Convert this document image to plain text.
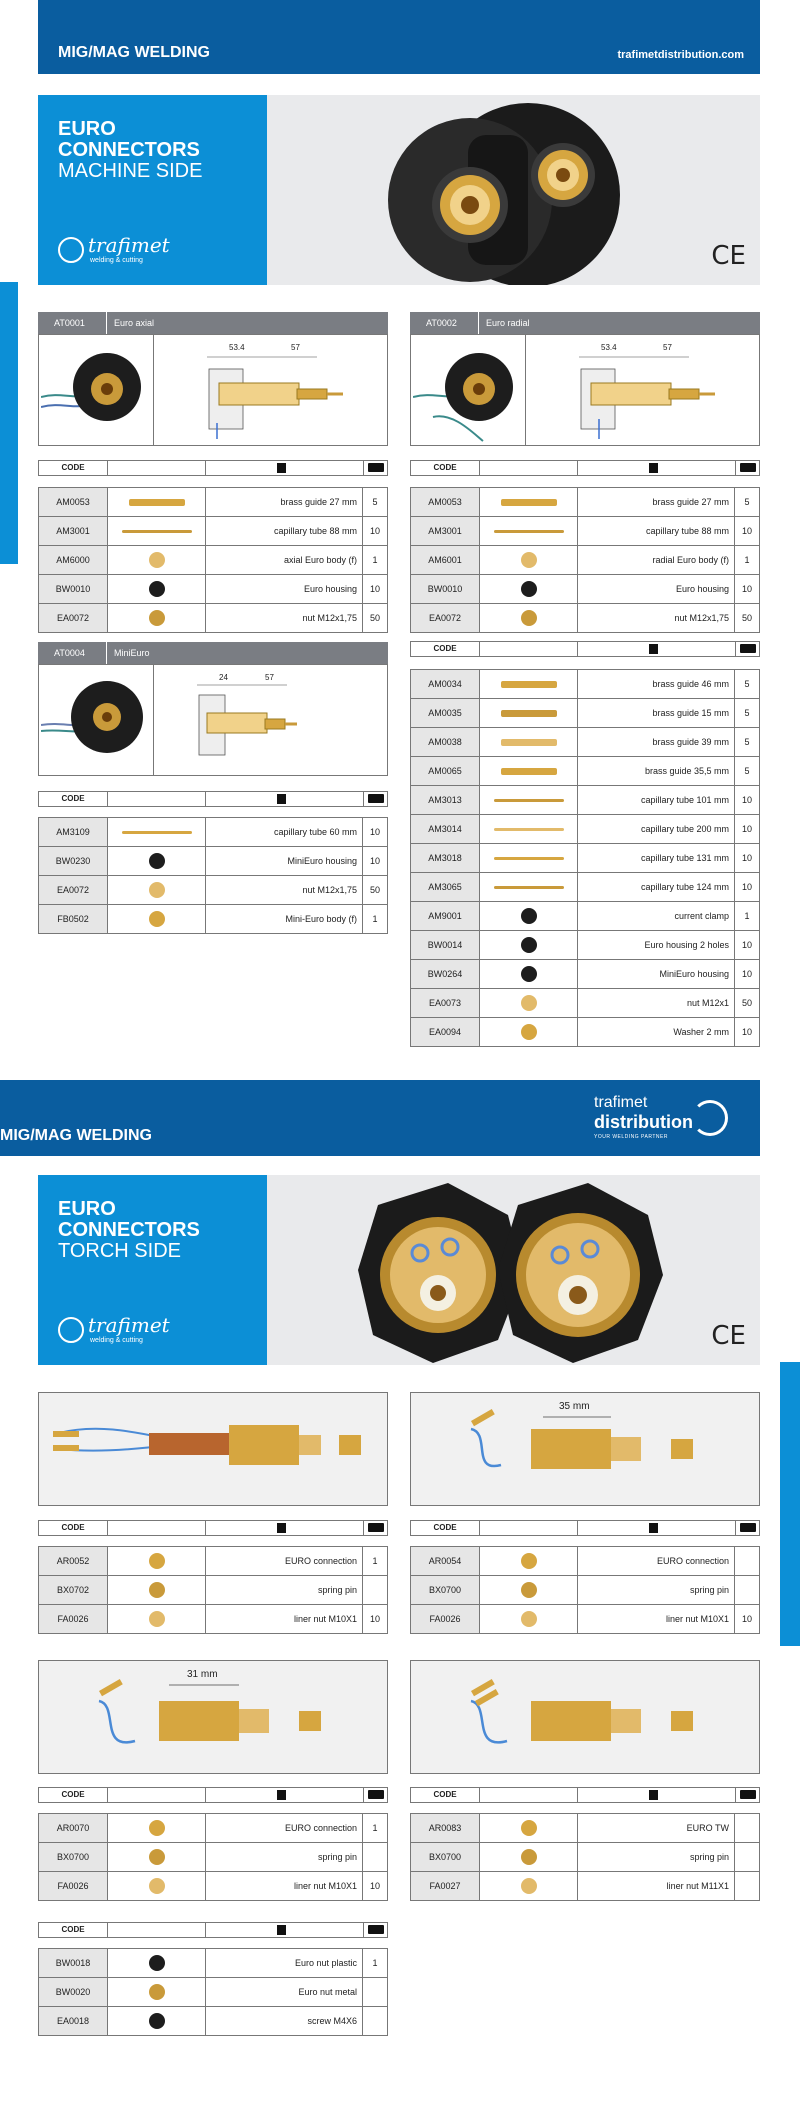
MIG/MAG WELDING	trafimetdistribution.com
EURO
CONNECTORS
MACHINE SIDE
trafimet
welding & cutting	CE
AT0001	Euro axial
53.4	57
CODE
AM0053	brass guide 27 mm	5
AM3001	capillary tube 88 mm	10
AM6000	axial Euro body (f)	1
BW0010	Euro housing	10
EA0072	nut M12x1,75	50
AT0002	Euro radial
53.4	57
CODE
AM0053	brass guide 27 mm	5
AM3001	capillary tube 88 mm	10
AM6001	radial Euro body (f)	1
BW0010	Euro housing	10
EA0072	nut M12x1,75	50
AT0004	MiniEuro
24	57
CODE
AM3109	capillary tube 60 mm	10
BW0230	MiniEuro housing	10
EA0072	nut M12x1,75	50
FB0502	Mini-Euro body (f)	1
CODE
AM0034	brass guide 46 mm	5
AM0035	brass guide 15 mm	5
AM0038	brass guide 39 mm	5
AM0065	brass guide 35,5 mm	5
AM3013	capillary tube 101 mm	10
AM3014	capillary tube 200 mm	10
AM3018	capillary tube 131 mm	10
AM3065	capillary tube 124 mm	10
AM9001	current clamp	1
BW0014	Euro housing 2 holes	10
BW0264	MiniEuro housing	10
EA0073	nut M12x1	50
EA0094	Washer 2 mm	10
MIG/MAG WELDING
trafimet
distribution
YOUR WELDING PARTNER
EURO
CONNECTORS
TORCH SIDE
trafimet
welding & cutting	CE
CODE
AR0052	EURO connection	1
BX0702	spring pin
FA0026	liner nut M10X1	10
35 mm
CODE
AR0054	EURO connection
BX0700	spring pin
FA0026	liner nut M10X1	10
31 mm
CODE
AR0070	EURO connection	1
BX0700	spring pin
FA0026	liner nut M10X1	10
CODE
AR0083	EURO TW
BX0700	spring pin
FA0027	liner nut M11X1
CODE
BW0018	Euro nut plastic	1
BW0020	Euro nut metal
EA0018	screw M4X6
